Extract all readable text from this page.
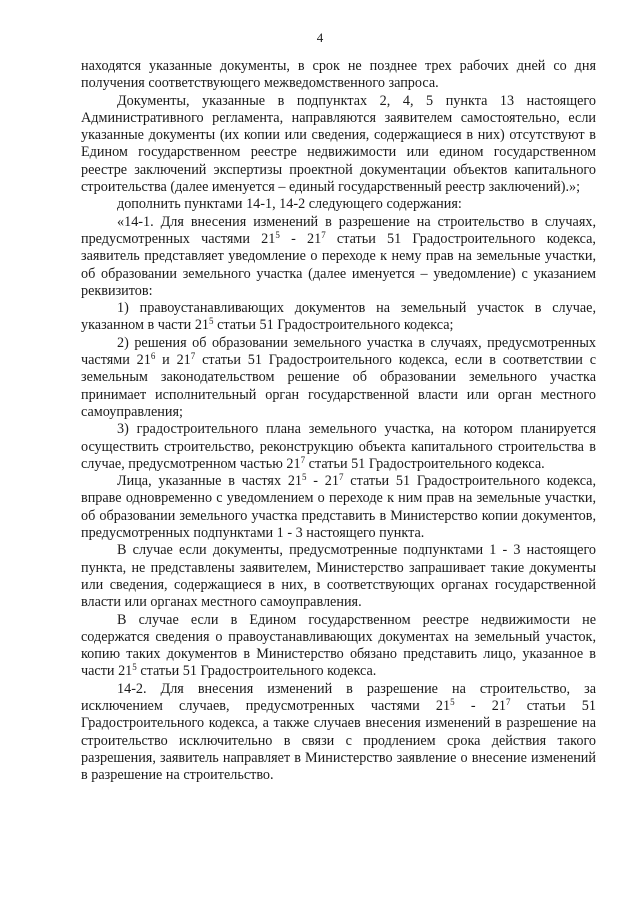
4

находятся указанные документы, в срок не позднее трех рабочих дней со дня получения соответствующего межведомственного запроса.

Документы, указанные в подпунктах 2, 4, 5 пункта 13 настоящего Административного регламента, направляются заявителем самостоятельно, если указанные документы (их копии или сведения, содержащиеся в них) отсутствуют в Едином государственном реестре недвижимости или едином государственном реестре заключений экспертизы проектной документации объектов капитального строительства (далее именуется – единый государственный реестр заключений).»;

дополнить пунктами 14-1, 14-2 следующего содержания:

«14-1. Для внесения изменений в разрешение на строительство в случаях, предусмотренных частями $21^5 - 21^7$ статьи 51 Градостроительного кодекса, заявитель представляет уведомление о переходе к нему прав на земельные участки, об образовании земельного участка (далее именуется – уведомление) с указанием реквизитов:

1) правоустанавливающих документов на земельный участок в случае, указанном в части $21^5$ статьи 51 Градостроительного кодекса;

2) решения об образовании земельного участка в случаях, предусмотренных частями $21^6$ и $21^7$ статьи 51 Градостроительного кодекса, если в соответствии с земельным законодательством решение об образовании земельного участка принимает исполнительный орган государственной власти или орган местного самоуправления;

3) градостроительного плана земельного участка, на котором планируется осуществить строительство, реконструкцию объекта капитального строительства в случае, предусмотренном частью $21^7$ статьи 51 Градостроительного кодекса.

Лица, указанные в частях $21^5 - 21^7$ статьи 51 Градостроительного кодекса, вправе одновременно с уведомлением о переходе к ним прав на земельные участки, об образовании земельного участка представить в Министерство копии документов, предусмотренных подпунктами 1 - 3 настоящего пункта.

В случае если документы, предусмотренные подпунктами 1 - 3 настоящего пункта, не представлены заявителем, Министерство запрашивает такие документы или сведения, содержащиеся в них, в соответствующих органах государственной власти или органах местного самоуправления.

В случае если в Едином государственном реестре недвижимости не содержатся сведения о правоустанавливающих документах на земельный участок, копию таких документов в Министерство обязано представить лицо, указанное в части $21^5$ статьи 51 Градостроительного кодекса.

14-2. Для внесения изменений в разрешение на строительство, за исключением случаев, предусмотренных частями $21^5 - 21^7$ статьи 51 Градостроительного кодекса, а также случаев внесения изменений в разрешение на строительство исключительно в связи с продлением срока действия такого разрешения, заявитель направляет в Министерство заявление о внесение изменений в разрешение на строительство.
